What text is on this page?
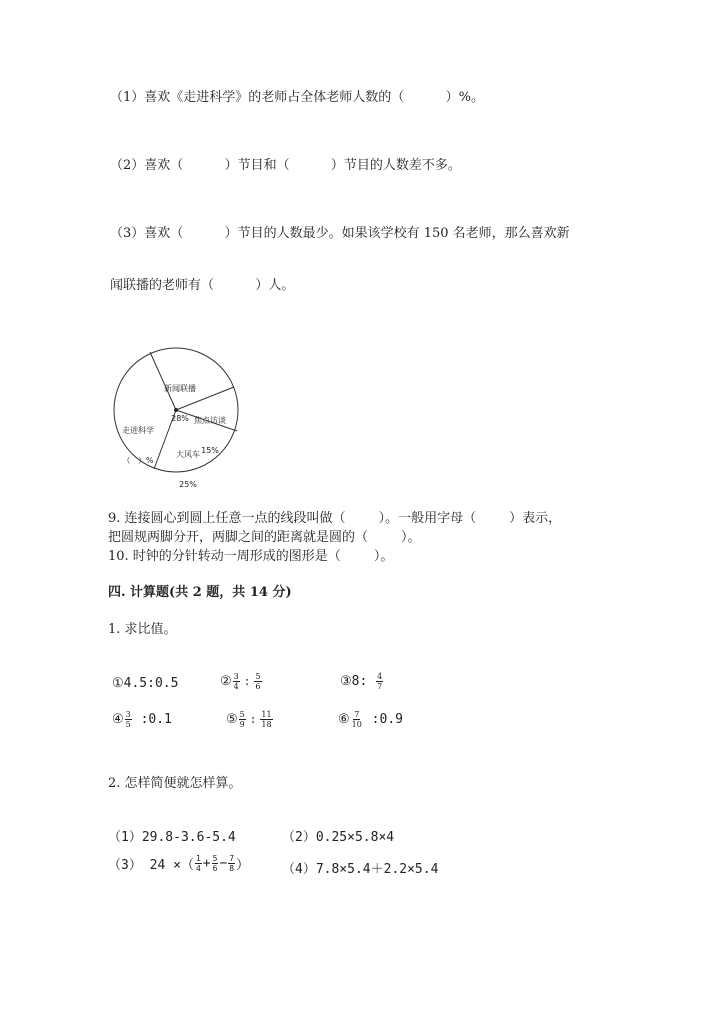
（1）喜欢《走进科学》的老师占全体老师人数的（          ）%。
（2）喜欢（          ）节目和（          ）节目的人数差不多。
（3）喜欢（          ）节目的人数最少。如果该学校有 150 名老师，那么喜欢新
闻联播的老师有（          ）人。

新闻联播

28%

焦点访谈

15%

大风车

25%

走进科学

（   ）%

9. 连接圆心到圆上任意一点的线段叫做（        ）。一般用字母（        ）表示，
把圆规两脚分开，两脚之间的距离就是圆的（        ）。
10. 时钟的分针转动一周形成的图形是（        ）。
四. 计算题(共 2 题，共 14 分)
1. 求比值。
① 4.5:0.5	② $\frac{3}{4}$ : $\frac{5}{6}$	③ 8: $\frac{4}{7}$
④ $\frac{3}{5}$ :0.1	⑤ $\frac{5}{9}$ : $\frac{11}{18}$	⑥ $\frac{7}{10}$ :0.9
2. 怎样简便就怎样算。
（1）29.8-3.6-5.4	（2）0.25×5.8×4
（3） 24 ×（ $\frac{1}{4} + \frac{5}{6} - \frac{7}{8}$ ）	（4）7.8×5.4＋2.2×5.4
